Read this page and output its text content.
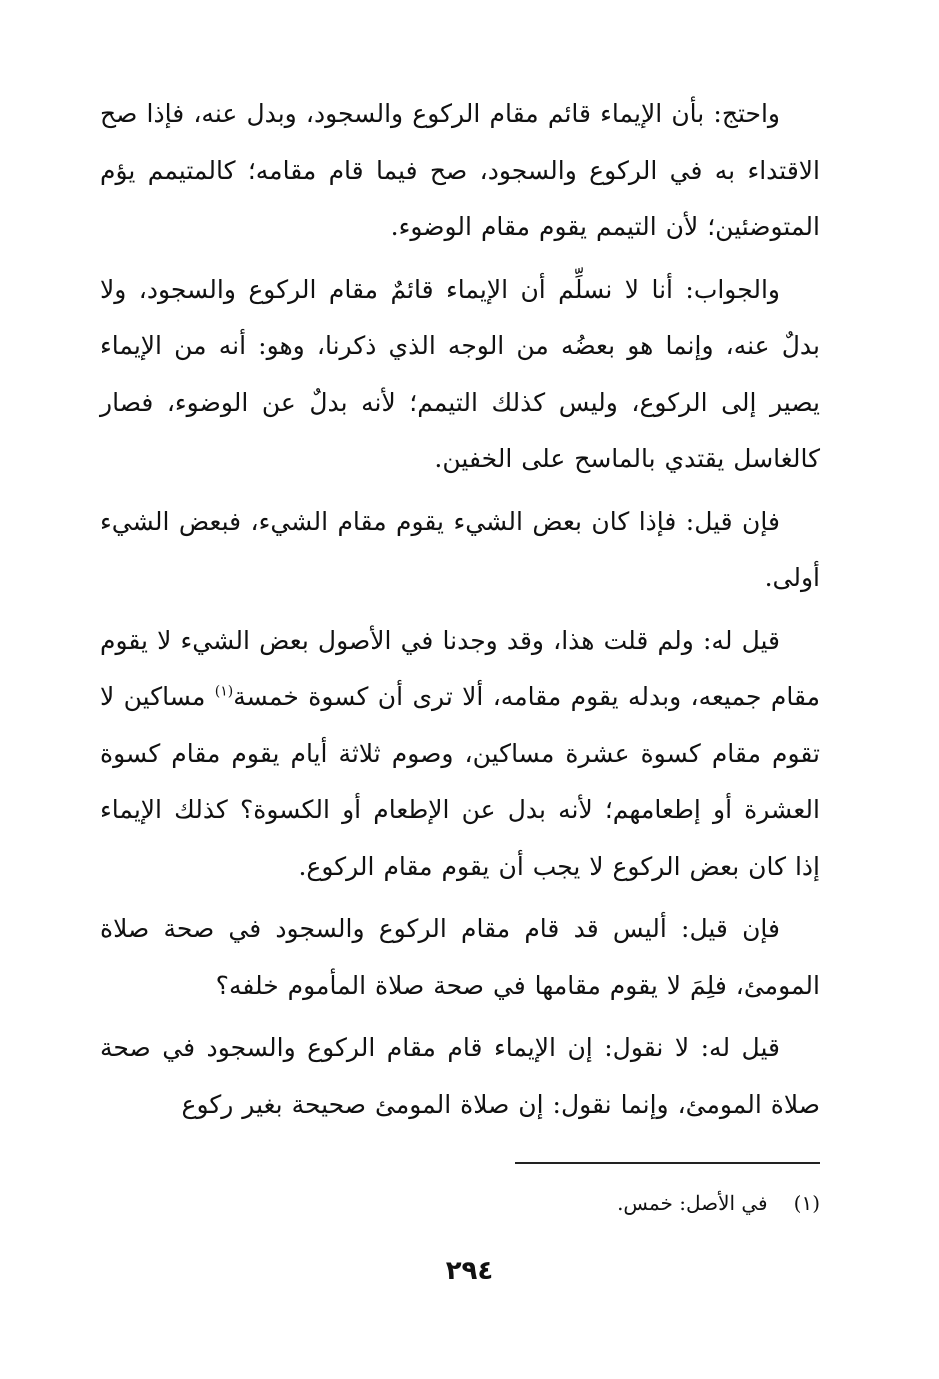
واحتج: بأن الإيماء قائم مقام الركوع والسجود، وبدل عنه، فإذا صح الاقتداء به في الركوع والسجود، صح فيما قام مقامه؛ كالمتيمم يؤم المتوضئين؛ لأن التيمم يقوم مقام الوضوء.

والجواب: أنا لا نسلِّم أن الإيماء قائمٌ مقام الركوع والسجود، ولا بدلٌ عنه، وإنما هو بعضُه من الوجه الذي ذكرنا، وهو: أنه من الإيماء يصير إلى الركوع، وليس كذلك التيمم؛ لأنه بدلٌ عن الوضوء، فصار كالغاسل يقتدي بالماسح على الخفين.

فإن قيل: فإذا كان بعض الشيء يقوم مقام الشيء، فبعض الشيء أولى.

قيل له: ولم قلت هذا، وقد وجدنا في الأصول بعض الشيء لا يقوم مقام جميعه، وبدله يقوم مقامه، ألا ترى أن كسوة خمسة$^{(١)}$ مساكين لا تقوم مقام كسوة عشرة مساكين، وصوم ثلاثة أيام يقوم مقام كسوة العشرة أو إطعامهم؛ لأنه بدل عن الإطعام أو الكسوة؟ كذلك الإيماء إذا كان بعض الركوع لا يجب أن يقوم مقام الركوع.

فإن قيل: أليس قد قام مقام الركوع والسجود في صحة صلاة المومئ، فلِمَ لا يقوم مقامها في صحة صلاة المأموم خلفه؟

قيل له: لا نقول: إن الإيماء قام مقام الركوع والسجود في صحة صلاة المومئ، وإنما نقول: إن صلاة المومئ صحيحة بغير ركوع

(١)في الأصل: خمس.
٢٩٤
